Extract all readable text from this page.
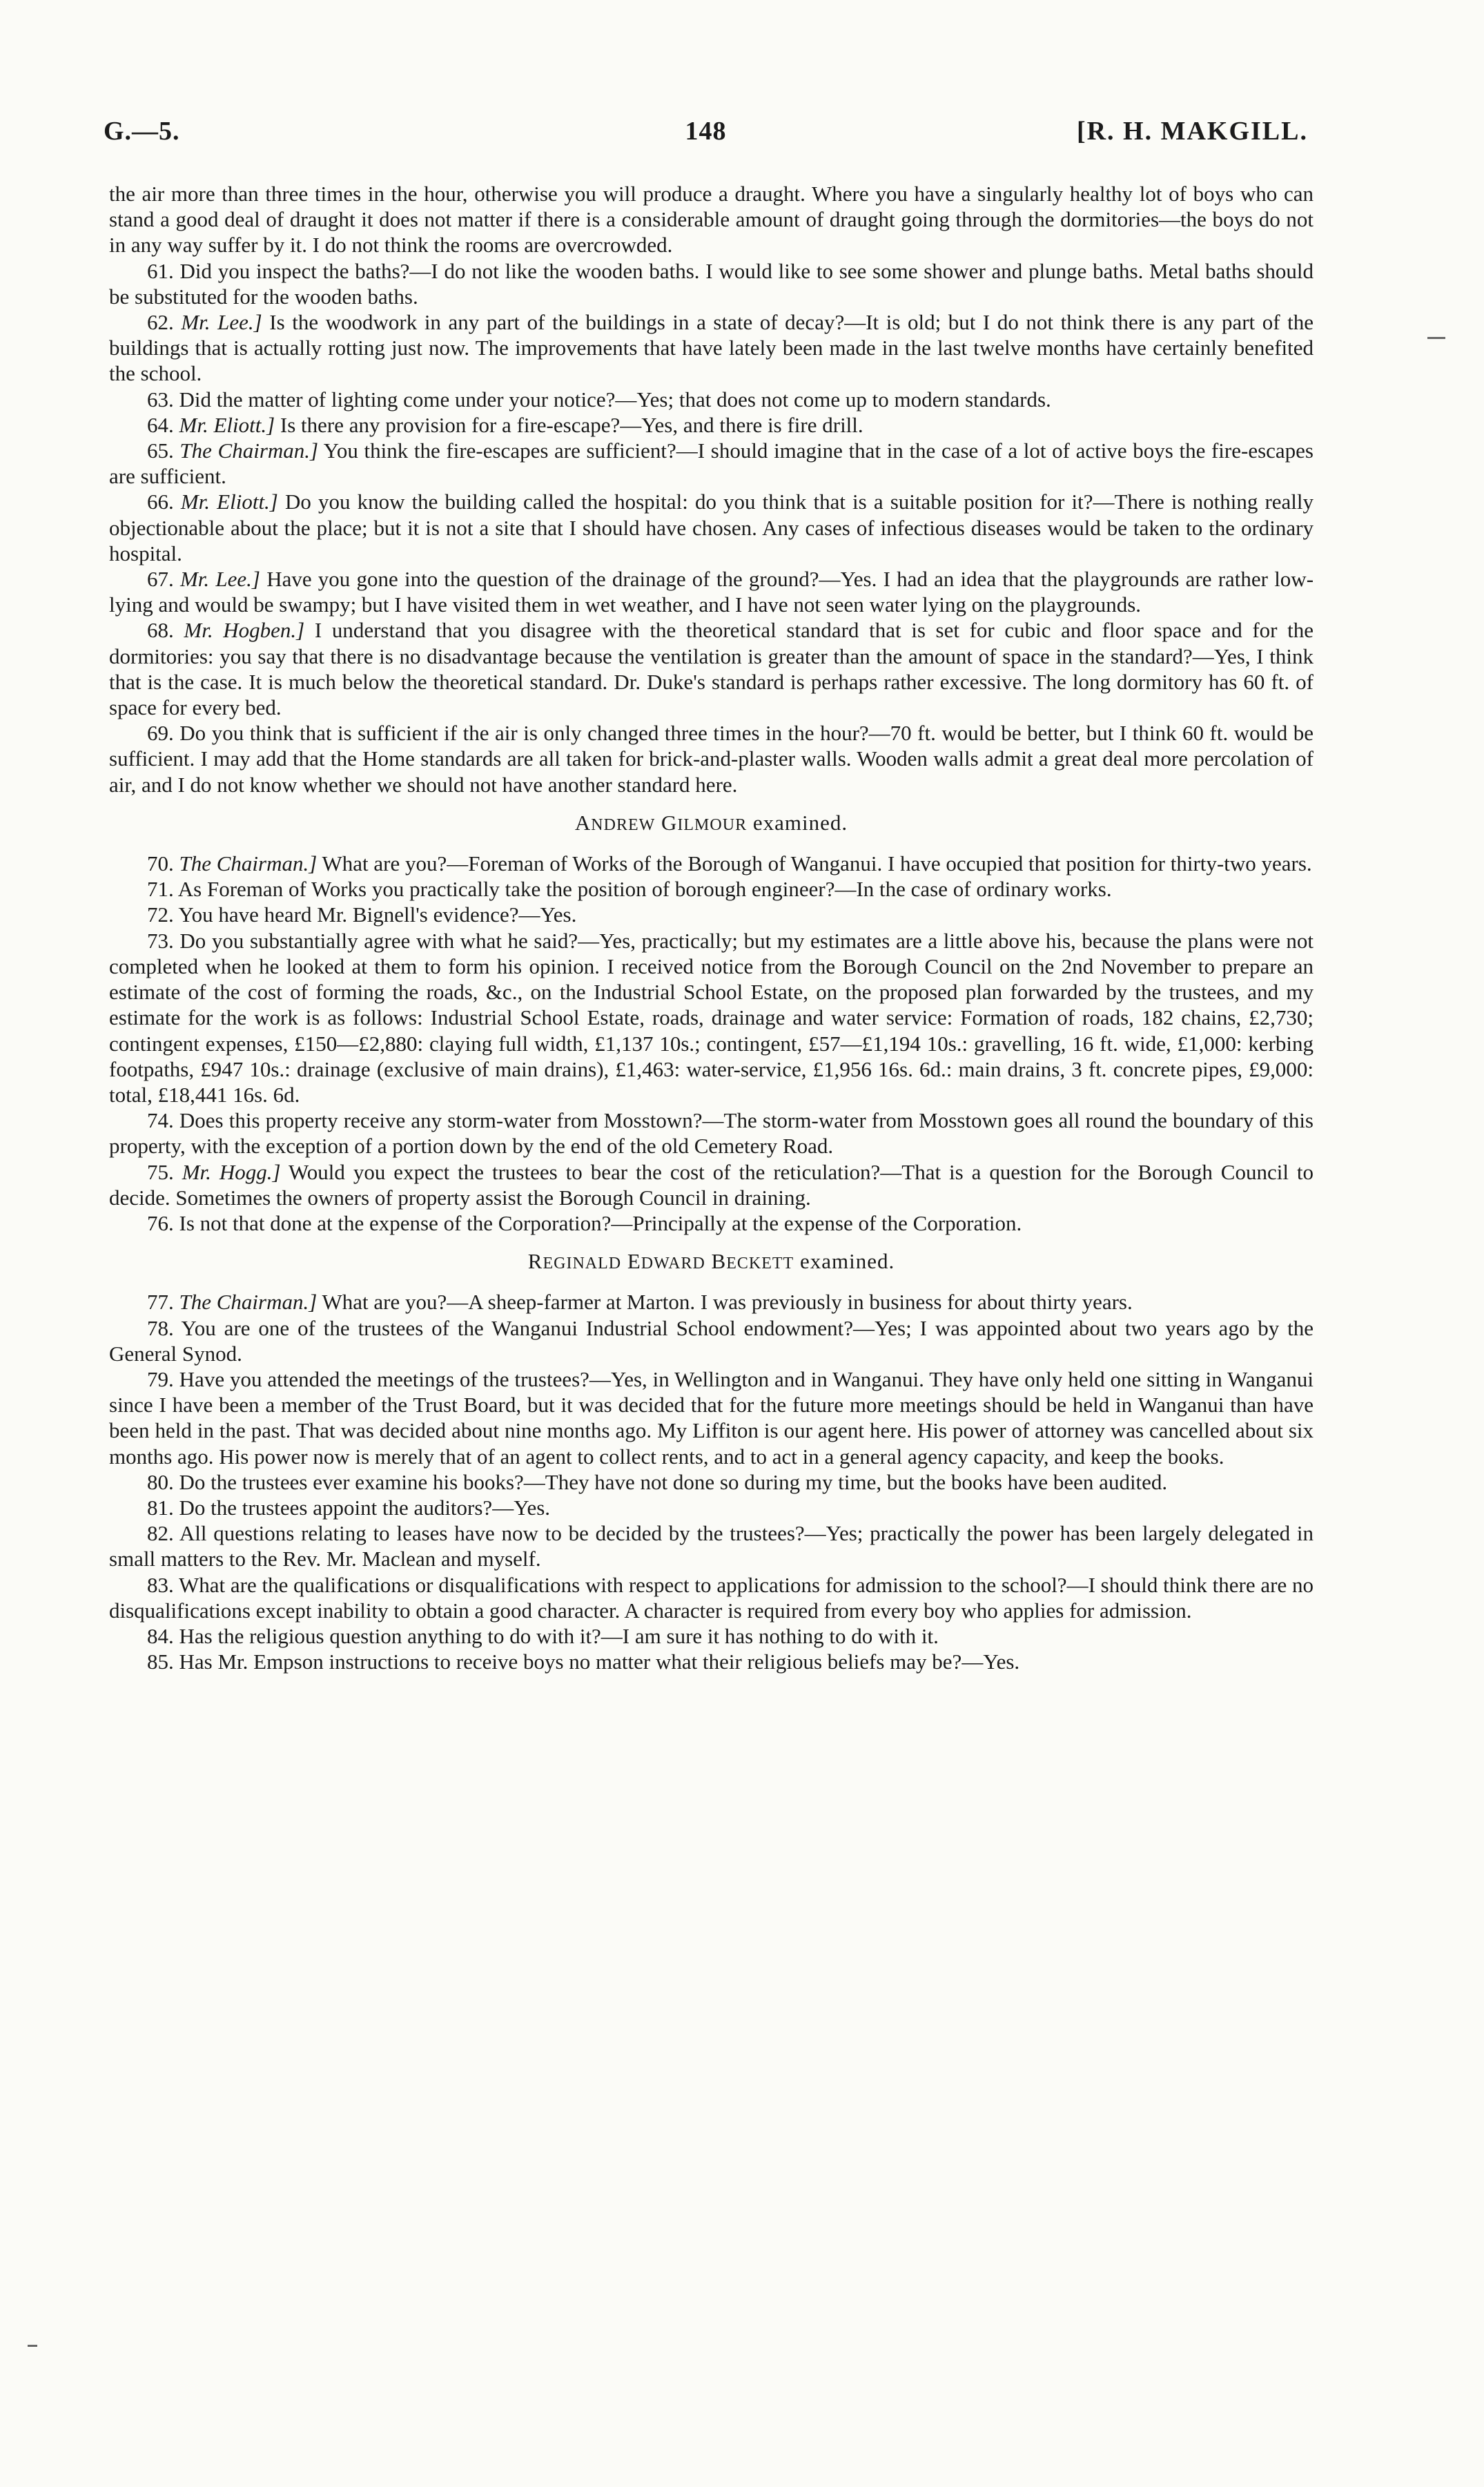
G.—5.	148	[R. H. MAKGILL.

the air more than three times in the hour, otherwise you will produce a draught. Where you have a singularly healthy lot of boys who can stand a good deal of draught it does not matter if there is a considerable amount of draught going through the dormitories—the boys do not in any way suffer by it. I do not think the rooms are overcrowded.

61. Did you inspect the baths?—I do not like the wooden baths. I would like to see some shower and plunge baths. Metal baths should be substituted for the wooden baths.

62. Mr. Lee.] Is the woodwork in any part of the buildings in a state of decay?—It is old; but I do not think there is any part of the buildings that is actually rotting just now. The improvements that have lately been made in the last twelve months have certainly benefited the school.

63. Did the matter of lighting come under your notice?—Yes; that does not come up to modern standards.

64. Mr. Eliott.] Is there any provision for a fire-escape?—Yes, and there is fire drill.

65. The Chairman.] You think the fire-escapes are sufficient?—I should imagine that in the case of a lot of active boys the fire-escapes are sufficient.

66. Mr. Eliott.] Do you know the building called the hospital: do you think that is a suitable position for it?—There is nothing really objectionable about the place; but it is not a site that I should have chosen. Any cases of infectious diseases would be taken to the ordinary hospital.

67. Mr. Lee.] Have you gone into the question of the drainage of the ground?—Yes. I had an idea that the playgrounds are rather low-lying and would be swampy; but I have visited them in wet weather, and I have not seen water lying on the playgrounds.

68. Mr. Hogben.] I understand that you disagree with the theoretical standard that is set for cubic and floor space and for the dormitories: you say that there is no disadvantage because the ventilation is greater than the amount of space in the standard?—Yes, I think that is the case. It is much below the theoretical standard. Dr. Duke's standard is perhaps rather excessive. The long dormitory has 60 ft. of space for every bed.

69. Do you think that is sufficient if the air is only changed three times in the hour?—70 ft. would be better, but I think 60 ft. would be sufficient. I may add that the Home standards are all taken for brick-and-plaster walls. Wooden walls admit a great deal more percolation of air, and I do not know whether we should not have another standard here.

ANDREW GILMOUR examined.

70. The Chairman.] What are you?—Foreman of Works of the Borough of Wanganui. I have occupied that position for thirty-two years.

71. As Foreman of Works you practically take the position of borough engineer?—In the case of ordinary works.

72. You have heard Mr. Bignell's evidence?—Yes.

73. Do you substantially agree with what he said?—Yes, practically; but my estimates are a little above his, because the plans were not completed when he looked at them to form his opinion. I received notice from the Borough Council on the 2nd November to prepare an estimate of the cost of forming the roads, &c., on the Industrial School Estate, on the proposed plan forwarded by the trustees, and my estimate for the work is as follows: Industrial School Estate, roads, drainage and water service: Formation of roads, 182 chains, £2,730; contingent expenses, £150—£2,880: claying full width, £1,137 10s.; contingent, £57—£1,194 10s.: gravelling, 16 ft. wide, £1,000: kerbing footpaths, £947 10s.: drainage (exclusive of main drains), £1,463: water-service, £1,956 16s. 6d.: main drains, 3 ft. concrete pipes, £9,000: total, £18,441 16s. 6d.

74. Does this property receive any storm-water from Mosstown?—The storm-water from Mosstown goes all round the boundary of this property, with the exception of a portion down by the end of the old Cemetery Road.

75. Mr. Hogg.] Would you expect the trustees to bear the cost of the reticulation?—That is a question for the Borough Council to decide. Sometimes the owners of property assist the Borough Council in draining.

76. Is not that done at the expense of the Corporation?—Principally at the expense of the Corporation.

REGINALD EDWARD BECKETT examined.

77. The Chairman.] What are you?—A sheep-farmer at Marton. I was previously in business for about thirty years.

78. You are one of the trustees of the Wanganui Industrial School endowment?—Yes; I was appointed about two years ago by the General Synod.

79. Have you attended the meetings of the trustees?—Yes, in Wellington and in Wanganui. They have only held one sitting in Wanganui since I have been a member of the Trust Board, but it was decided that for the future more meetings should be held in Wanganui than have been held in the past. That was decided about nine months ago. My Liffiton is our agent here. His power of attorney was cancelled about six months ago. His power now is merely that of an agent to collect rents, and to act in a general agency capacity, and keep the books.

80. Do the trustees ever examine his books?—They have not done so during my time, but the books have been audited.

81. Do the trustees appoint the auditors?—Yes.

82. All questions relating to leases have now to be decided by the trustees?—Yes; practically the power has been largely delegated in small matters to the Rev. Mr. Maclean and myself.

83. What are the qualifications or disqualifications with respect to applications for admission to the school?—I should think there are no disqualifications except inability to obtain a good character. A character is required from every boy who applies for admission.

84. Has the religious question anything to do with it?—I am sure it has nothing to do with it.

85. Has Mr. Empson instructions to receive boys no matter what their religious beliefs may be?—Yes.
